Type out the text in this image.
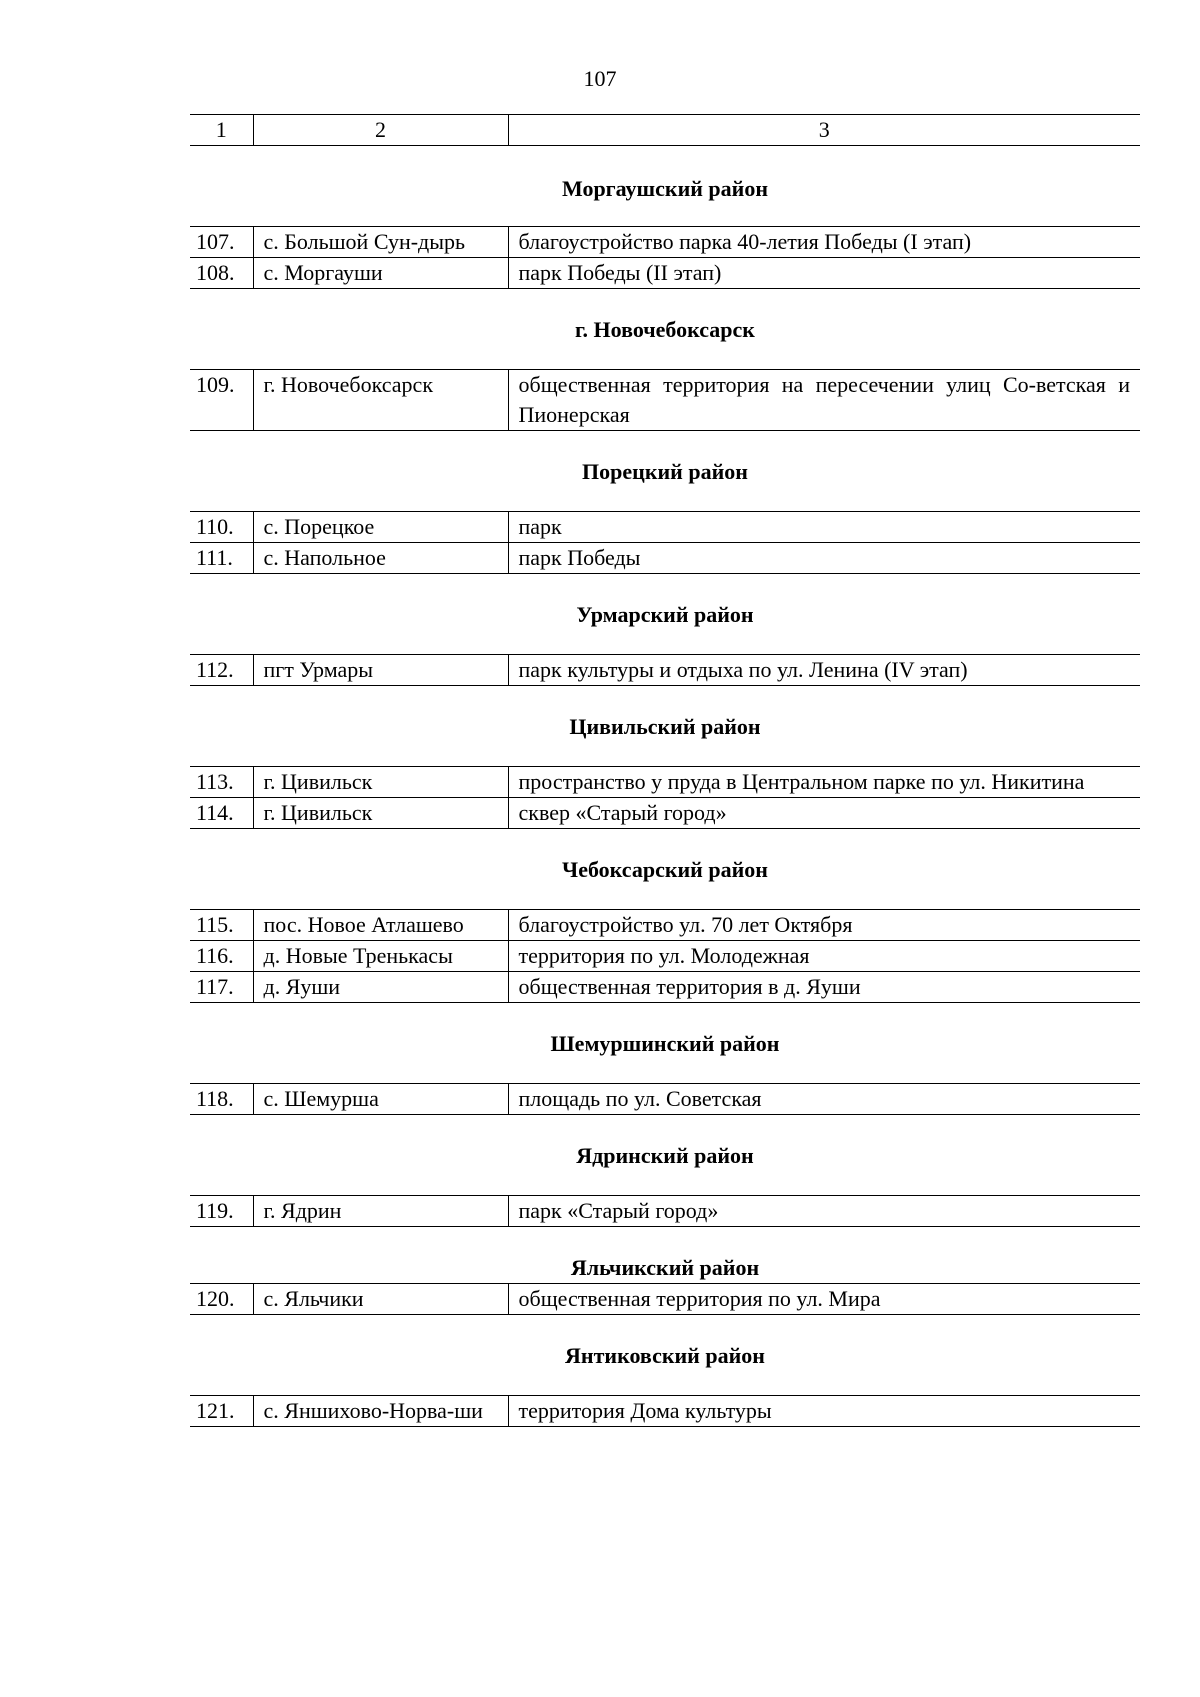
107
1	2	3
Моргаушский район
107.	с. Большой Сун-дырь	благоустройство парка 40-летия Победы (I этап)
108.	с. Моргауши	парк Победы (II этап)
г. Новочебоксарск
109.	г. Новочебоксарск	общественная территория на пересечении улиц Со-ветская и Пионерская
Порецкий район
110.	с. Порецкое	парк
111.	с. Напольное	парк Победы
Урмарский район
112.	пгт Урмары	парк культуры и отдыха по ул. Ленина (IV этап)
Цивильский район
113.	г. Цивильск	пространство у пруда в Центральном парке по ул. Никитина
114.	г. Цивильск	сквер «Старый город»
Чебоксарский район
115.	пос. Новое Атлашево	благоустройство ул. 70 лет Октября
116.	д. Новые Тренькасы	территория по ул. Молодежная
117.	д. Яуши	общественная территория в д. Яуши
Шемуршинский район
118.	с. Шемурша	площадь по ул. Советская
Ядринский район
119.	г. Ядрин	парк «Старый город»
Яльчикский район
120.	с. Яльчики	общественная территория по ул. Мира
Янтиковский район
121.	с. Яншихово-Норва-ши	территория Дома культуры
